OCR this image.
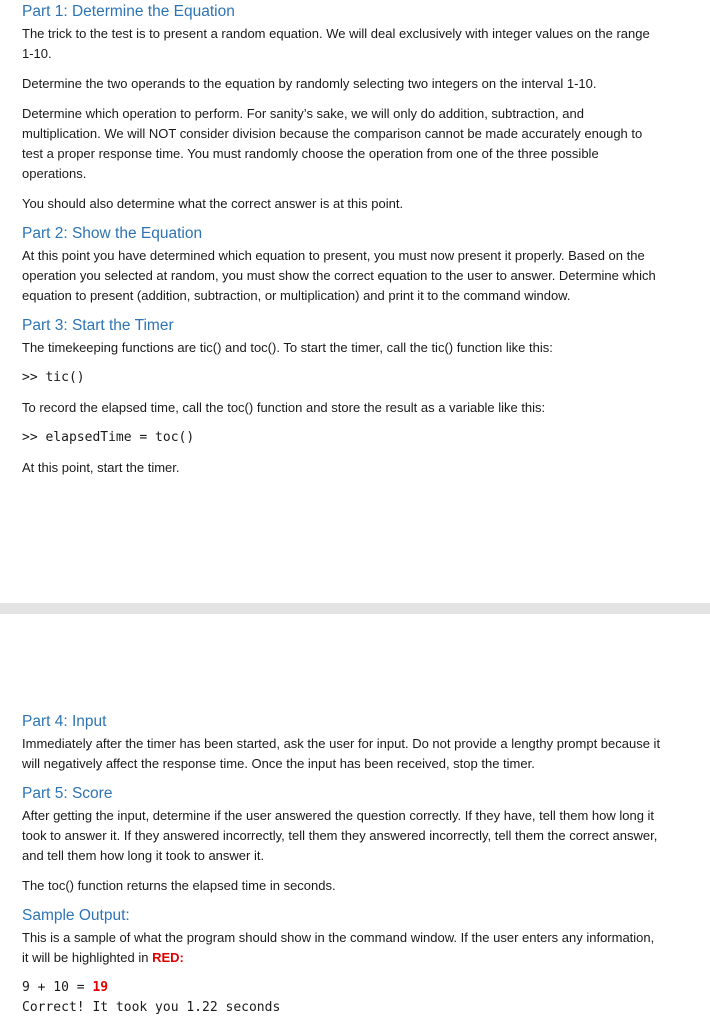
Part 1: Determine the Equation

The trick to the test is to present a random equation. We will deal exclusively with integer values on the range 1-10.

Determine the two operands to the equation by randomly selecting two integers on the interval 1-10.

Determine which operation to perform. For sanity’s sake, we will only do addition, subtraction, and multiplication. We will NOT consider division because the comparison cannot be made accurately enough to test a proper response time. You must randomly choose the operation from one of the three possible operations.

You should also determine what the correct answer is at this point.

Part 2: Show the Equation

At this point you have determined which equation to present, you must now present it properly. Based on the operation you selected at random, you must show the correct equation to the user to answer. Determine which equation to present (addition, subtraction, or multiplication) and print it to the command window.

Part 3: Start the Timer

The timekeeping functions are tic() and toc(). To start the timer, call the tic() function like this:

>> tic()

To record the elapsed time, call the toc() function and store the result as a variable like this:

>> elapsedTime = toc()

At this point, start the timer.

Part 4: Input

Immediately after the timer has been started, ask the user for input. Do not provide a lengthy prompt because it will negatively affect the response time. Once the input has been received, stop the timer.

Part 5: Score

After getting the input, determine if the user answered the question correctly. If they have, tell them how long it took to answer it. If they answered incorrectly, tell them they answered incorrectly, tell them the correct answer, and tell them how long it took to answer it.

The toc() function returns the elapsed time in seconds.

Sample Output:

This is a sample of what the program should show in the command window. If the user enters any information, it will be highlighted in RED:

9 + 10 = 19
Correct! It took you 1.22 seconds
